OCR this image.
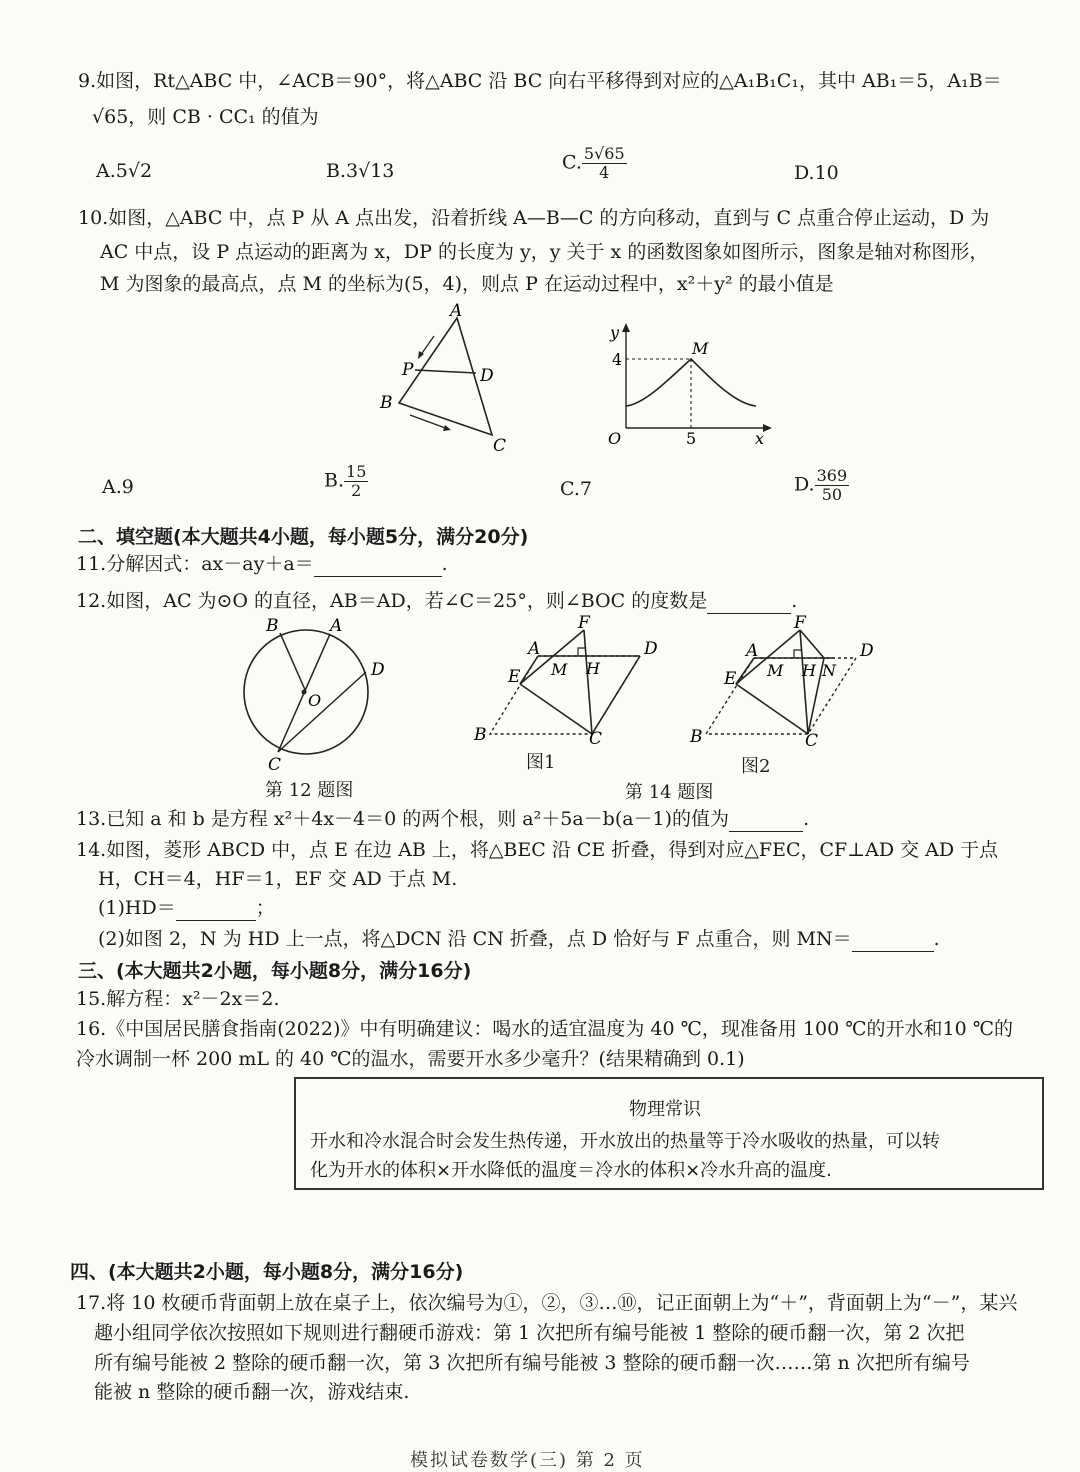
9.如图，Rt△ABC 中，∠ACB＝90°，将△ABC 沿 BC 向右平移得到对应的△A₁B₁C₁，其中 AB₁＝5，A₁B＝
√65，则 CB · CC₁ 的值为
A.5√2	B.3√13	C. $\frac{5√65}{4}$	D.10
10.如图，△ABC 中，点 P 从 A 点出发，沿着折线 A—B—C 的方向移动，直到与 C 点重合停止运动，D 为
AC 中点，设 P 点运动的距离为 x，DP 的长度为 y，y 关于 x 的函数图象如图所示，图象是轴对称图形，
M 为图象的最高点，点 M 的坐标为(5，4)，则点 P 在运动过程中，x²＋y² 的最小值是
A
P	D
B
C
y
x
O
4
5
M
A.9	B. $\frac{15}{2}$	C.7	D. $\frac{369}{50}$
二、填空题(本大题共4小题，每小题5分，满分20分)
11.分解因式：ax－ay＋a＝	.
12.如图，AC 为⊙O 的直径，AB＝AD，若∠C＝25°，则∠BOC 的度数是	.
B	A
D
O
C
F
A	D
E M H
B	C
F
A	D
E M H N
B	C
第 12 题图
图1	图2
第 14 题图
13.已知 a 和 b 是方程 x²＋4x－4＝0 的两个根，则 a²＋5a－b(a－1)的值为	.
14.如图，菱形 ABCD 中，点 E 在边 AB 上，将△BEC 沿 CE 折叠，得到对应△FEC，CF⊥AD 交 AD 于点
H，CH＝4，HF＝1，EF 交 AD 于点 M.
(1)HD＝	；
(2)如图 2，N 为 HD 上一点，将△DCN 沿 CN 折叠，点 D 恰好与 F 点重合，则 MN＝	.
三、(本大题共2小题，每小题8分，满分16分)
15.解方程：x²－2x＝2.
16.《中国居民膳食指南(2022)》中有明确建议：喝水的适宜温度为 40 ℃，现准备用 100 ℃的开水和10 ℃的
冷水调制一杯 200 mL 的 40 ℃的温水，需要开水多少毫升？(结果精确到 0.1)
物理常识
开水和冷水混合时会发生热传递，开水放出的热量等于冷水吸收的热量，可以转
化为开水的体积×开水降低的温度＝冷水的体积×冷水升高的温度.
四、(本大题共2小题，每小题8分，满分16分)
17.将 10 枚硬币背面朝上放在桌子上，依次编号为①，②，③…⑩，记正面朝上为“＋”，背面朝上为“－”，某兴
趣小组同学依次按照如下规则进行翻硬币游戏：第 1 次把所有编号能被 1 整除的硬币翻一次，第 2 次把
所有编号能被 2 整除的硬币翻一次，第 3 次把所有编号能被 3 整除的硬币翻一次……第 n 次把所有编号
能被 n 整除的硬币翻一次，游戏结束.
模拟试卷数学(三) 第 2 页
